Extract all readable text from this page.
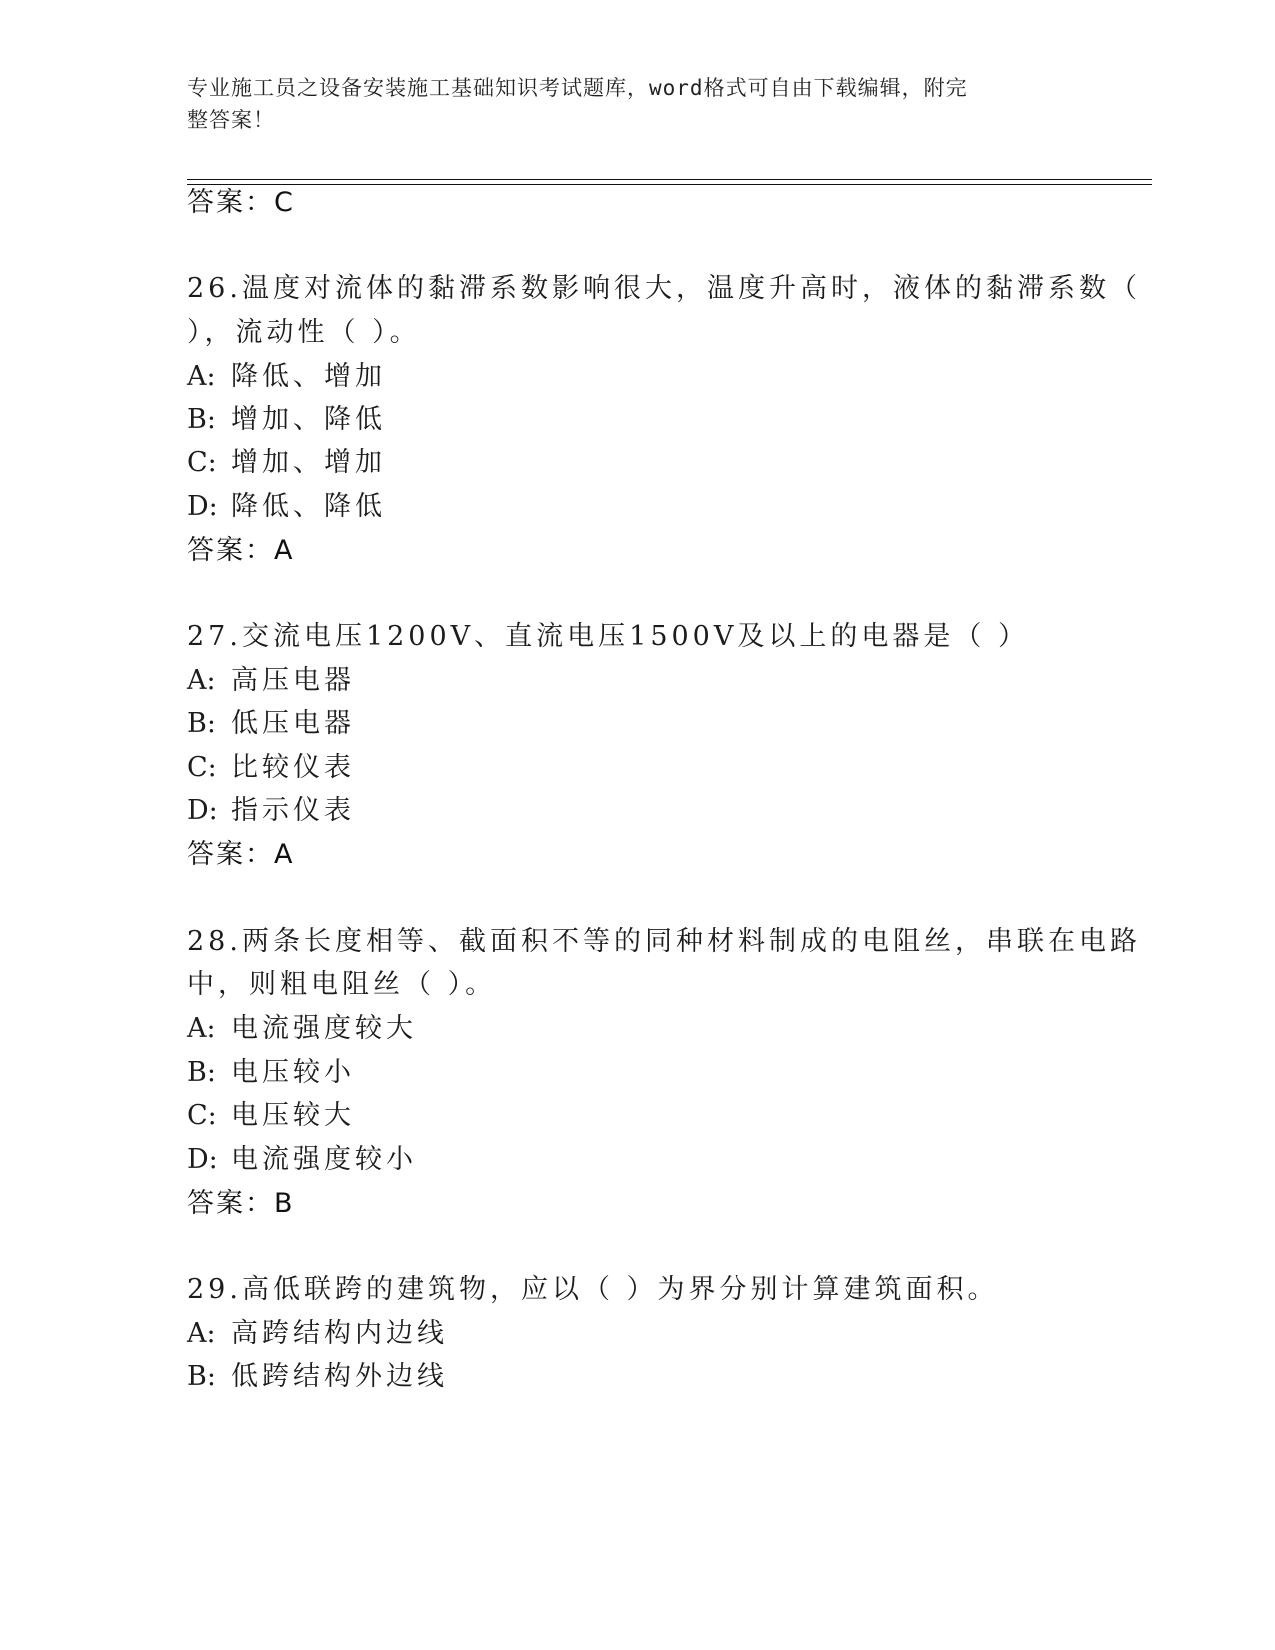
专业施工员之设备安装施工基础知识考试题库，word格式可自由下载编辑，附完
整答案！
答案：C
26.温度对流体的黏滞系数影响很大，温度升高时，液体的黏滞系数（
），流动性（ ）。
A: 降低、增加
B: 增加、降低
C: 增加、增加
D: 降低、降低
答案：A
27.交流电压1200V、直流电压1500V及以上的电器是（ ）
A: 高压电器
B: 低压电器
C: 比较仪表
D: 指示仪表
答案：A
28.两条长度相等、截面积不等的同种材料制成的电阻丝，串联在电路
中，则粗电阻丝（ ）。
A: 电流强度较大
B: 电压较小
C: 电压较大
D: 电流强度较小
答案：B
29.高低联跨的建筑物，应以（ ）为界分别计算建筑面积。
A: 高跨结构内边线
B: 低跨结构外边线
